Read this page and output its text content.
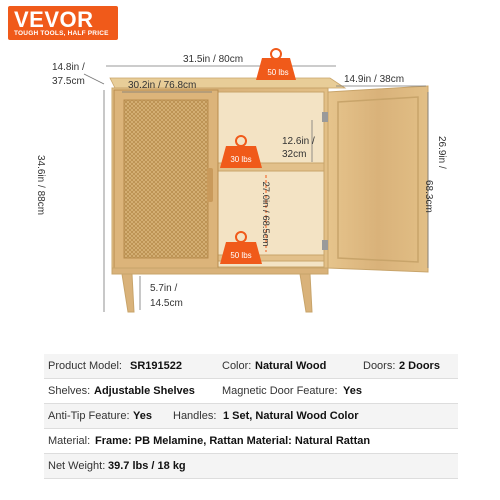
VEVOR
TOUGH TOOLS, HALF PRICE
50 lbs
30 lbs
50 lbs
27.0in / 68.5cm
31.5in / 80cm
14.8in /
37.5cm	30.2in / 76.8cm
14.9in / 38cm
12.6in /
32cm
34.6in / 88cm
26.9in /
68.3cm
5.7in /
14.5cm
Product Model: SR191522	Color: Natural Wood	Doors: 2 Doors
Shelves: Adjustable Shelves Magnetic Door Feature: Yes
Anti-Tip Feature: Yes Handles: 1 Set, Natural Wood Color
Material: Frame: PB Melamine, Rattan Material: Natural Rattan
Net Weight: 39.7 lbs / 18 kg
